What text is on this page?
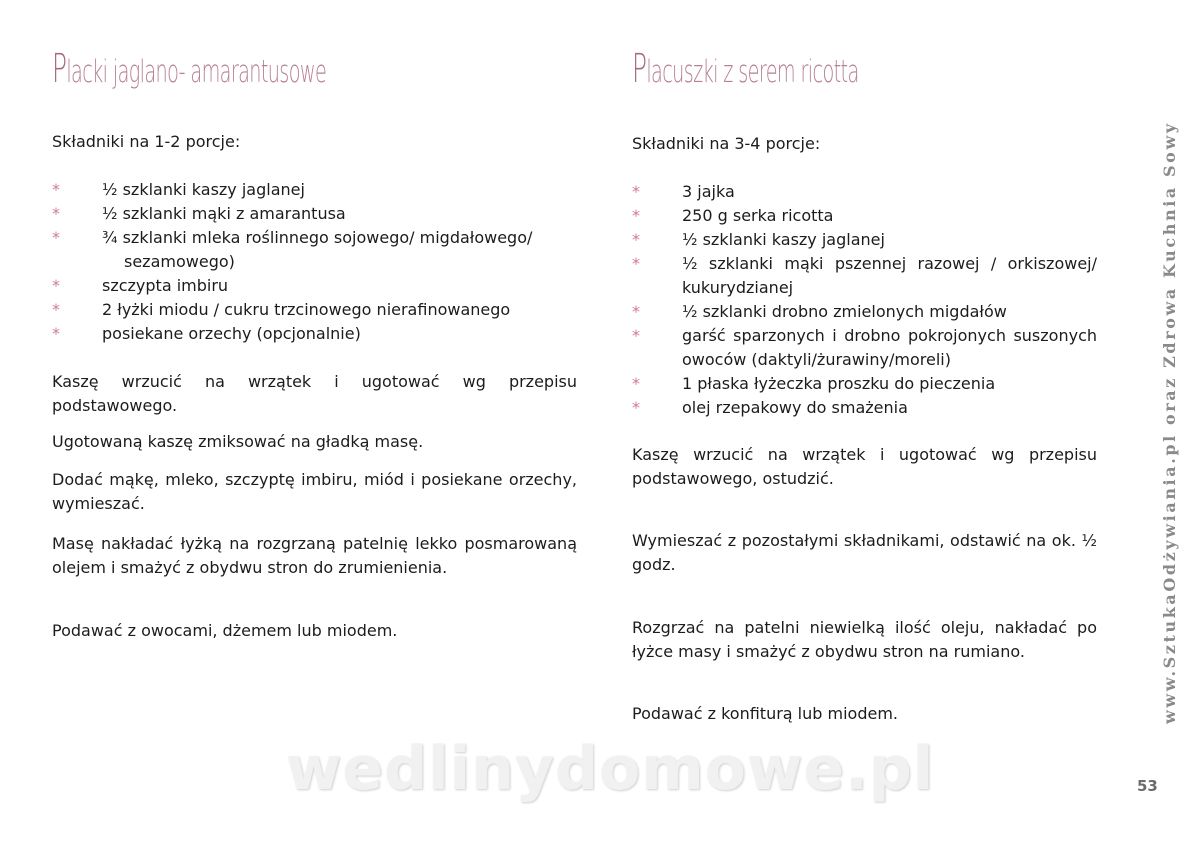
Placki jaglano- amarantusowe
Składniki na 1-2 porcje:
* ½ szklanki kaszy jaglanej
* ½ szklanki mąki z amarantusa
* ¾ szklanki mleka roślinnego sojowego/ migdałowego/
sezamowego)
* szczypta imbiru
* 2 łyżki miodu / cukru trzcinowego nierafinowanego
* posiekane orzechy (opcjonalnie)

Kaszę wrzucić na wrzątek i ugotować wg przepisu podstawowego.

Ugotowaną kaszę zmiksować na gładką masę.

Dodać mąkę, mleko, szczyptę imbiru, miód i posiekane orzechy, wymieszać.

Masę nakładać łyżką na rozgrzaną patelnię lekko posmarowaną olejem i smażyć z obydwu stron do zrumienienia.

Podawać z owocami, dżemem lub miodem.

Placuszki z serem ricotta
Składniki na 3-4 porcje:
* 3 jajka
* 250 g serka ricotta
* ½ szklanki kaszy jaglanej
* ½ szklanki mąki pszennej razowej / orkiszowej/ kukurydzianej
* ½ szklanki drobno zmielonych migdałów
* garść sparzonych i drobno pokrojonych suszonych owoców (daktyli/żurawiny/moreli)
* 1 płaska łyżeczka proszku do pieczenia
* olej rzepakowy do smażenia

Kaszę wrzucić na wrzątek i ugotować wg przepisu podstawowego, ostudzić.

Wymieszać z pozostałymi składnikami, odstawić na ok. ½ godz.

Rozgrzać na patelni niewielką ilość oleju, nakładać po łyżce masy i smażyć z obydwu stron na rumiano.

Podawać z konfiturą lub miodem.	www.SztukaOdżywiania.pl oraz Zdrowa Kuchnia Sowy
53
wedlinydomowe.pl
